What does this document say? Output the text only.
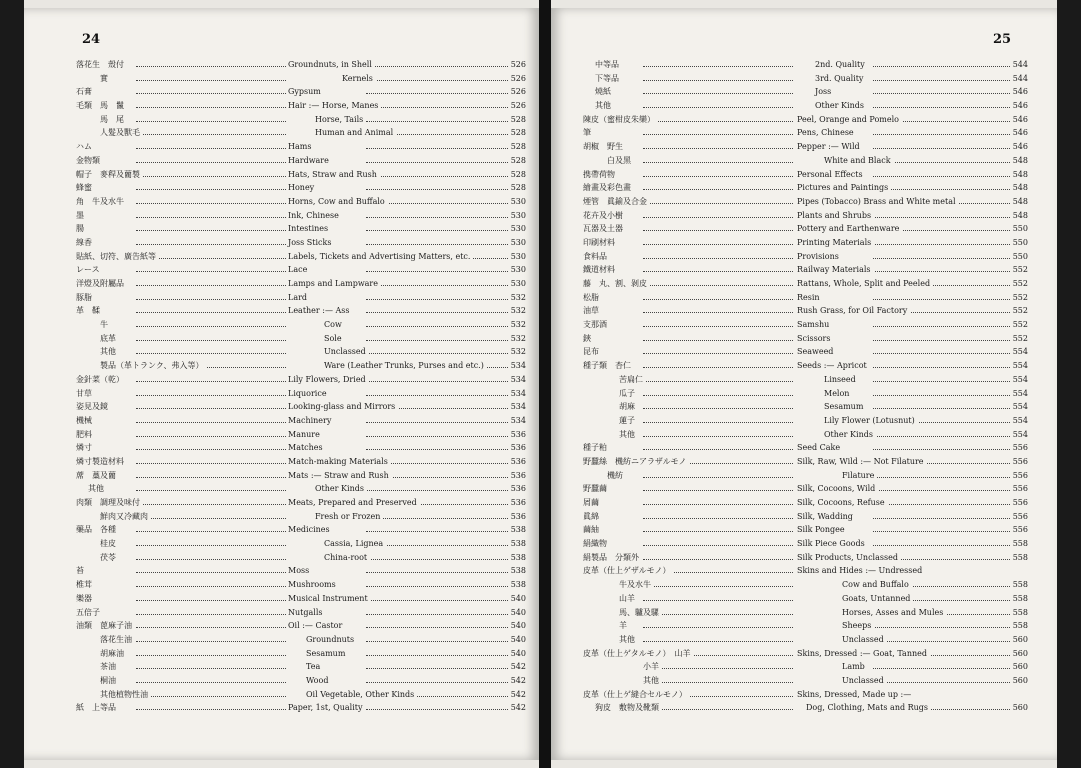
24
落花生　殼付	Groundnuts, in Shell	526
實	Kernels	526
石膏	Gypsum	526
毛類　馬　鬣	Hair :— Horse, Manes	526
馬　尾	Horse, Tails	528
人髮及獸毛	Human and Animal	528
ハム	Hams	528
金物類	Hardware	528
帽子　麥稈及藺製	Hats, Straw and Rush	528
蜂蜜	Honey	528
角　牛及水牛	Horns, Cow and Buffalo	530
墨	Ink, Chinese	530
腸	Intestines	530
線香	Joss Sticks	530
貼紙、切符、廣告紙等	Labels, Tickets and Advertising Matters, etc.	530
レース	Lace	530
洋燈及附屬品	Lamps and Lampware	530
豚脂	Lard	532
革　鞣	Leather :— Ass	532
牛	Cow	532
底革	Sole	532
其他	Unclassed	532
製品（革トランク、弗入等）	Ware (Leather Trunks, Purses and etc.)	534
金針菜（乾）	Lily Flowers, Dried	534
甘草	Liquorice	534
姿見及鏡	Looking-glass and Mirrors	534
機械	Machinery	534
肥料	Manure	536
燐寸	Matches	536
燐寸製造材料	Match-making Materials	536
蓆　藁及藺	Mats :— Straw and Rush	536
其他	Other Kinds	536
肉類　調理及味付	Meats, Prepared and Preserved	536
鮮肉又冷藏肉	Fresh or Frozen	536
藥品　各種	Medicines	538
桂皮	Cassia, Lignea	538
茯苓	China-root	538
苔	Moss	538
椎茸	Mushrooms	538
樂器	Musical Instrument	540
五倍子	Nutgalls	540
油類　蓖麻子油	Oil :— Castor	540
落花生油	Groundnuts	540
胡麻油	Sesamum	540
茶油	Tea	542
桐油	Wood	542
其他植物性油	Oil Vegetable, Other Kinds	542
紙　上等品	Paper, 1st, Quality	542
25
中等品	2nd. Quality	544
下等品	3rd. Quality	544
燒紙	Joss	546
其他	Other Kinds	546
陳皮（蜜柑皮朱欒）	Peel, Orange and Pomelo	546
筆	Pens, Chinese	546
胡椒　野生	Pepper :— Wild	546
白及黑	White and Black	548
携帶荷物	Personal Effects	548
繪畫及彩色畫	Pictures and Paintings	548
煙管　眞鍮及合金	Pipes (Tobacco) Brass and White metal	548
花卉及小樹	Plants and Shrubs	548
瓦器及土器	Pottery and Earthenware	550
印刷材料	Printing Materials	550
食料品	Provisions	550
鐵道材料	Railway Materials	552
藤　丸、割、剝皮	Rattans, Whole, Split and Peeled	552
松脂	Resin	552
油草	Rush Grass, for Oil Factory	552
支那酒	Samshu	552
鋏	Scissors	552
昆布	Seaweed	554
種子類　杏仁	Seeds :— Apricot	554
苦扁仁	Linseed	554
瓜子	Melon	554
胡麻	Sesamum	554
蓮子	Lily Flower (Lotusnut)	554
其他	Other Kinds	554
種子粕	Seed Cake	556
野蠶絲　機紡ニアラザルモノ	Silk, Raw, Wild :— Not Filature	556
機紡	Filature	556
野蠶繭	Silk, Cocoons, Wild	556
屑繭	Silk, Cocoons, Refuse	556
眞綿	Silk, Wadding	556
繭紬	Silk Pongee	556
絹織物	Silk Piece Goods	558
絹製品　分類外	Silk Products, Unclassed	558
皮革（仕上ゲザルモノ）	Skins and Hides :— Undressed
牛及水牛	Cow and Buffalo	558
山羊	Goats, Untanned	558
馬、驢及騾	Horses, Asses and Mules	558
羊	Sheeps	558
其他	Unclassed	560
皮革（仕上ゲタルモノ）　山羊	Skins, Dressed :— Goat, Tanned	560
小羊	Lamb	560
其他	Unclassed	560
皮革（仕上ゲ縫合セルモノ）	Skins, Dressed, Made up :—
狗皮　敷物及靴類	Dog, Clothing, Mats and Rugs	560
